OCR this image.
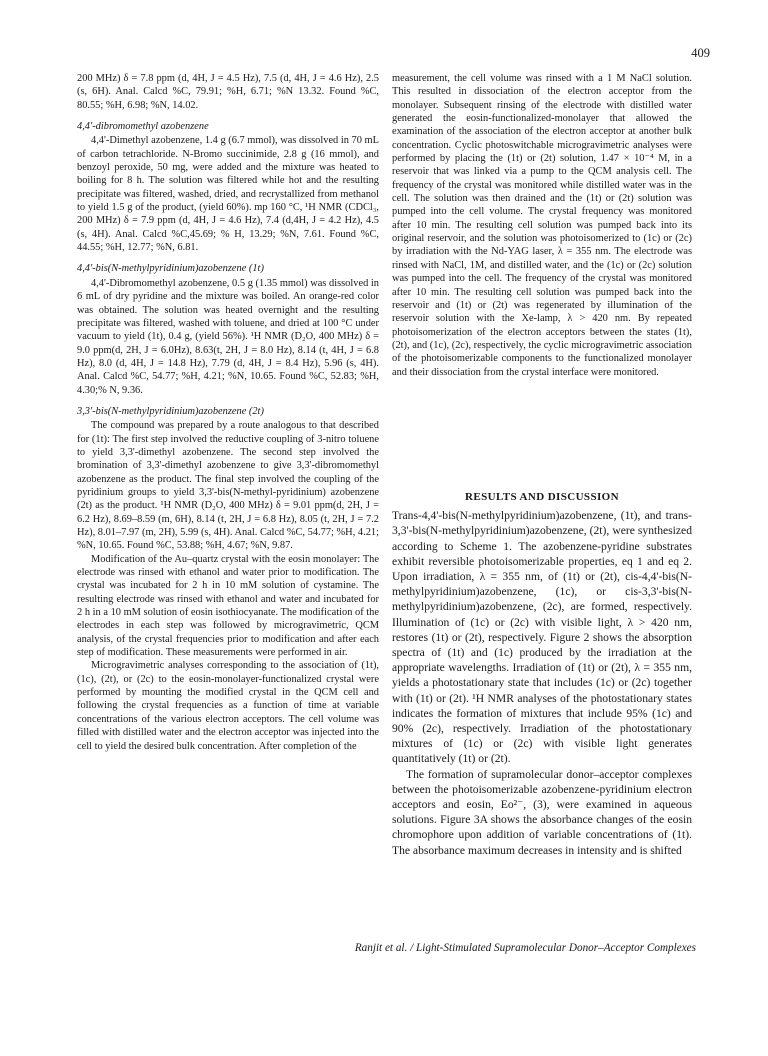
409

200 MHz) δ = 7.8 ppm (d, 4H, J = 4.5 Hz), 7.5 (d, 4H, J = 4.6 Hz), 2.5 (s, 6H). Anal. Calcd %C, 79.91; %H, 6.71; %N 13.32. Found %C, 80.55; %H, 6.98; %N, 14.02.

4,4'-dibromomethyl azobenzene

4,4'-Dimethyl azobenzene, 1.4 g (6.7 mmol), was dissolved in 70 mL of carbon tetrachloride. N-Bromo succinimide, 2.8 g (16 mmol), and benzoyl peroxide, 50 mg, were added and the mixture was heated to boiling for 8 h. The solution was filtered while hot and the resulting precipitate was filtered, washed, dried, and recrystallized from methanol to yield 1.5 g of the product, (yield 60%). mp 160 °C, ¹H NMR (CDCl₃, 200 MHz) δ = 7.9 ppm (d, 4H, J = 4.6 Hz), 7.4 (d,4H, J = 4.2 Hz), 4.5 (s, 4H). Anal. Calcd %C,45.69; % H, 13.29; %N, 7.61. Found %C, 44.55; %H, 12.77; %N, 6.81.

4,4'-bis(N-methylpyridinium)azobenzene (1t)

4,4'-Dibromomethyl azobenzene, 0.5 g (1.35 mmol) was dissolved in 6 mL of dry pyridine and the mixture was boiled. An orange-red color was obtained. The solution was heated overnight and the resulting precipitate was filtered, washed with toluene, and dried at 100 °C under vacuum to yield (1t), 0.4 g, (yield 56%). ¹H NMR (D₂O, 400 MHz) δ = 9.0 ppm(d, 2H, J = 6.0Hz), 8.63(t, 2H, J = 8.0 Hz), 8.14 (t, 4H, J = 6.8 Hz), 8.0 (d, 4H, J = 14.8 Hz), 7.79 (d, 4H, J = 8.4 Hz), 5.96 (s, 4H). Anal. Calcd %C, 54.77; %H, 4.21; %N, 10.65. Found %C, 52.83; %H, 4.30;% N, 9.36.

3,3'-bis(N-methylpyridinium)azobenzene (2t)

The compound was prepared by a route analogous to that described for (1t): The first step involved the reductive coupling of 3-nitro toluene to yield 3,3'-dimethyl azobenzene. The second step involved the bromination of 3,3'-dimethyl azobenzene to give 3,3'-dibromomethyl azobenzene as the product. The final step involved the coupling of the pyridinium groups to yield 3,3'-bis(N-methyl-pyridinium) azobenzene (2t) as the product. ¹H NMR (D₂O, 400 MHz) δ = 9.01 ppm(d, 2H, J = 6.2 Hz), 8.69–8.59 (m, 6H), 8.14 (t, 2H, J = 6.8 Hz), 8.05 (t, 2H, J = 7.2 Hz), 8.01–7.97 (m, 2H), 5.99 (s, 4H). Anal. Calcd %C, 54.77; %H, 4.21; %N, 10.65. Found %C, 53.88; %H, 4.67; %N, 9.87.

Modification of the Au–quartz crystal with the eosin monolayer: The electrode was rinsed with ethanol and water prior to modification. The crystal was incubated for 2 h in 10 mM solution of cystamine. The resulting electrode was rinsed with ethanol and water and incubated for 2 h in a 10 mM solution of eosin isothiocyanate. The modification of the electrodes in each step was followed by microgravimetric, QCM analysis, of the crystal frequencies prior to modification and after each step of modification. These measurements were performed in air.

Microgravimetric analyses corresponding to the association of (1t), (1c), (2t), or (2c) to the eosin-monolayer-functionalized crystal were performed by mounting the modified crystal in the QCM cell and following the crystal frequencies as a function of time at variable concentrations of the various electron acceptors. The cell volume was filled with distilled water and the electron acceptor was injected into the cell to yield the desired bulk concentration. After completion of the

measurement, the cell volume was rinsed with a 1 M NaCl solution. This resulted in dissociation of the electron acceptor from the monolayer. Subsequent rinsing of the electrode with distilled water generated the eosin-functionalized-monolayer that allowed the examination of the association of the electron acceptor at another bulk concentration. Cyclic photoswitchable microgravimetric analyses were performed by placing the (1t) or (2t) solution, 1.47 × 10⁻⁴ M, in a reservoir that was linked via a pump to the QCM analysis cell. The frequency of the crystal was monitored while distilled water was in the cell. The solution was then drained and the (1t) or (2t) solution was pumped into the cell volume. The crystal frequency was monitored after 10 min. The resulting cell solution was pumped back into its original reservoir, and the solution was photoisomerized to (1c) or (2c) by irradiation with the Nd-YAG laser, λ = 355 nm. The electrode was rinsed with NaCl, 1M, and distilled water, and the (1c) or (2c) solution was pumped into the cell. The frequency of the crystal was monitored after 10 min. The resulting cell solution was pumped back into the reservoir and (1t) or (2t) was regenerated by illumination of the reservoir solution with the Xe-lamp, λ > 420 nm. By repeated photoisomerization of the electron acceptors between the states (1t), (2t), and (1c), (2c), respectively, the cyclic microgravimetric association of the photoisomerizable components to the functionalized monolayer and their dissociation from the crystal interface were monitored.

RESULTS AND DISCUSSION

Trans-4,4'-bis(N-methylpyridinium)azobenzene, (1t), and trans-3,3'-bis(N-methylpyridinium)azobenzene, (2t), were synthesized according to Scheme 1. The azobenzene-pyridine substrates exhibit reversible photoisomerizable properties, eq 1 and eq 2. Upon irradiation, λ = 355 nm, of (1t) or (2t), cis-4,4'-bis(N-methylpyridinium)azobenzene, (1c), or cis-3,3'-bis(N-methylpyridinium)azobenzene, (2c), are formed, respectively. Illumination of (1c) or (2c) with visible light, λ > 420 nm, restores (1t) or (2t), respectively. Figure 2 shows the absorption spectra of (1t) and (1c) produced by the irradiation at the appropriate wavelengths. Irradiation of (1t) or (2t), λ = 355 nm, yields a photostationary state that includes (1c) or (2c) together with (1t) or (2t). ¹H NMR analyses of the photostationary states indicates the formation of mixtures that include 95% (1c) and 90% (2c), respectively. Irradiation of the photostationary mixtures of (1c) or (2c) with visible light generates quantitatively (1t) or (2t).

The formation of supramolecular donor–acceptor complexes between the photoisomerizable azobenzene-pyridinium electron acceptors and eosin, Eo²⁻, (3), were examined in aqueous solutions. Figure 3A shows the absorbance changes of the eosin chromophore upon addition of variable concentrations of (1t). The absorbance maximum decreases in intensity and is shifted

Ranjit et al. / Light-Stimulated Supramolecular Donor–Acceptor Complexes
